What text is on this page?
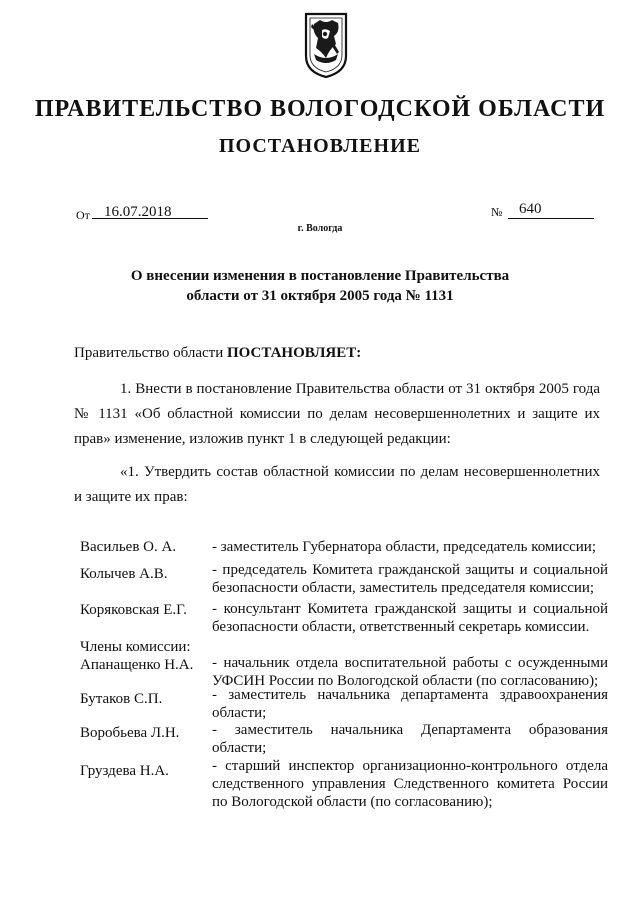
ПРАВИТЕЛЬСТВО ВОЛОГОДСКОЙ ОБЛАСТИ
ПОСТАНОВЛЕНИЕ
От 16.07.2018	№ 640
г. Вологда
О внесении изменения в постановление Правительства
области от 31 октября 2005 года № 1131
Правительство области ПОСТАНОВЛЯЕТ:
1. Внести в постановление Правительства области от 31 октября 2005 года № 1131 «Об областной комиссии по делам несовершеннолетних и защите их прав» изменение, изложив пункт 1 в следующей редакции:
«1. Утвердить состав областной комиссии по делам несовершеннолетних и защите их прав:
Васильев О. А. - заместитель Губернатора области, председатель комиссии;
Колычев А.В.	- председатель Комитета гражданской защиты и социальной безопасности области, заместитель председателя комиссии;
Коряковская Е.Г. - консультант Комитета гражданской защиты и социальной безопасности области, ответственный секретарь комиссии.
Члены комиссии:
Апанащенко Н.А. - начальник отдела воспитательной работы с осужденными УФСИН России по Вологодской области (по согласованию);
Бутаков С.П.	- заместитель начальника департамента здравоохранения области;
Воробьева Л.Н. - заместитель начальника Департамента образования области;
Груздева Н.А.	- старший инспектор организационно-контрольного отдела следственного управления Следственного комитета России по Вологодской области (по согласованию);
